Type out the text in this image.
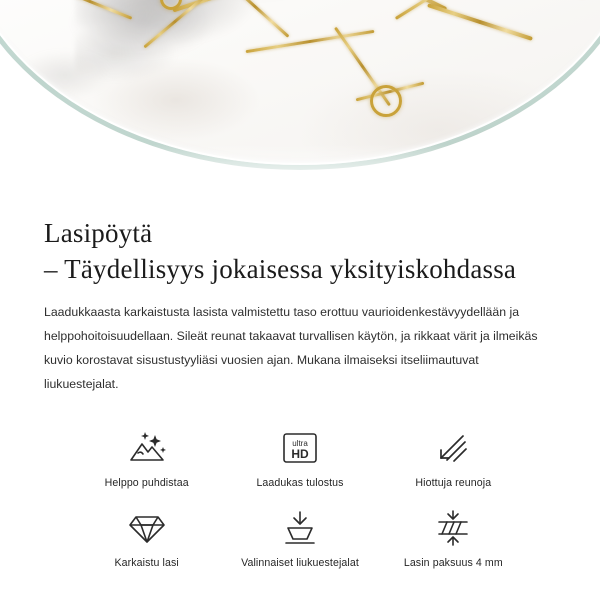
Lasipöytä
– Täydellisyys jokaisessa yksityiskohdassa

Laadukkaasta karkaistusta lasista valmistettu taso erottuu vaurioidenkestävyydellään ja helppohoitoisuudellaan. Sileät reunat takaavat turvallisen käytön, ja rikkaat värit ja ilmeikäs kuvio korostavat sisustustyyliäsi vuosien ajan. Mukana ilmaiseksi itseliimautuvat liukuestejalat.

Helppo puhdistaa
ultra
HD
Laadukas tulostus	Hiottuja reunoja
Karkaistu lasi	Valinnaiset liukuestejalat	Lasin paksuus 4 mm
